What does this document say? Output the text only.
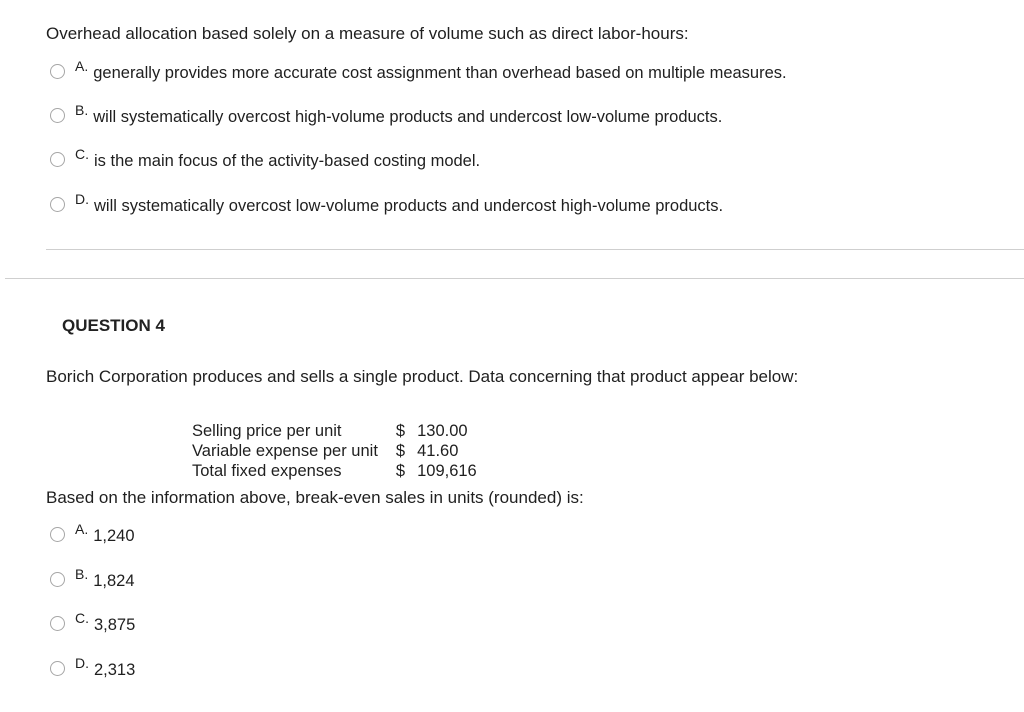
Overhead allocation based solely on a measure of volume such as direct labor-hours:
A. generally provides more accurate cost assignment than overhead based on multiple measures.
B. will systematically overcost high-volume products and undercost low-volume products.
C. is the main focus of the activity-based costing model.
D. will systematically overcost low-volume products and undercost high-volume products.
QUESTION 4
Borich Corporation produces and sells a single product. Data concerning that product appear below:
Selling price per unit	$	130.00
Variable expense per unit	$	41.60
Total fixed expenses	$	109,616
Based on the information above, break-even sales in units (rounded) is:
A. 1,240
B. 1,824
C. 3,875
D. 2,313
